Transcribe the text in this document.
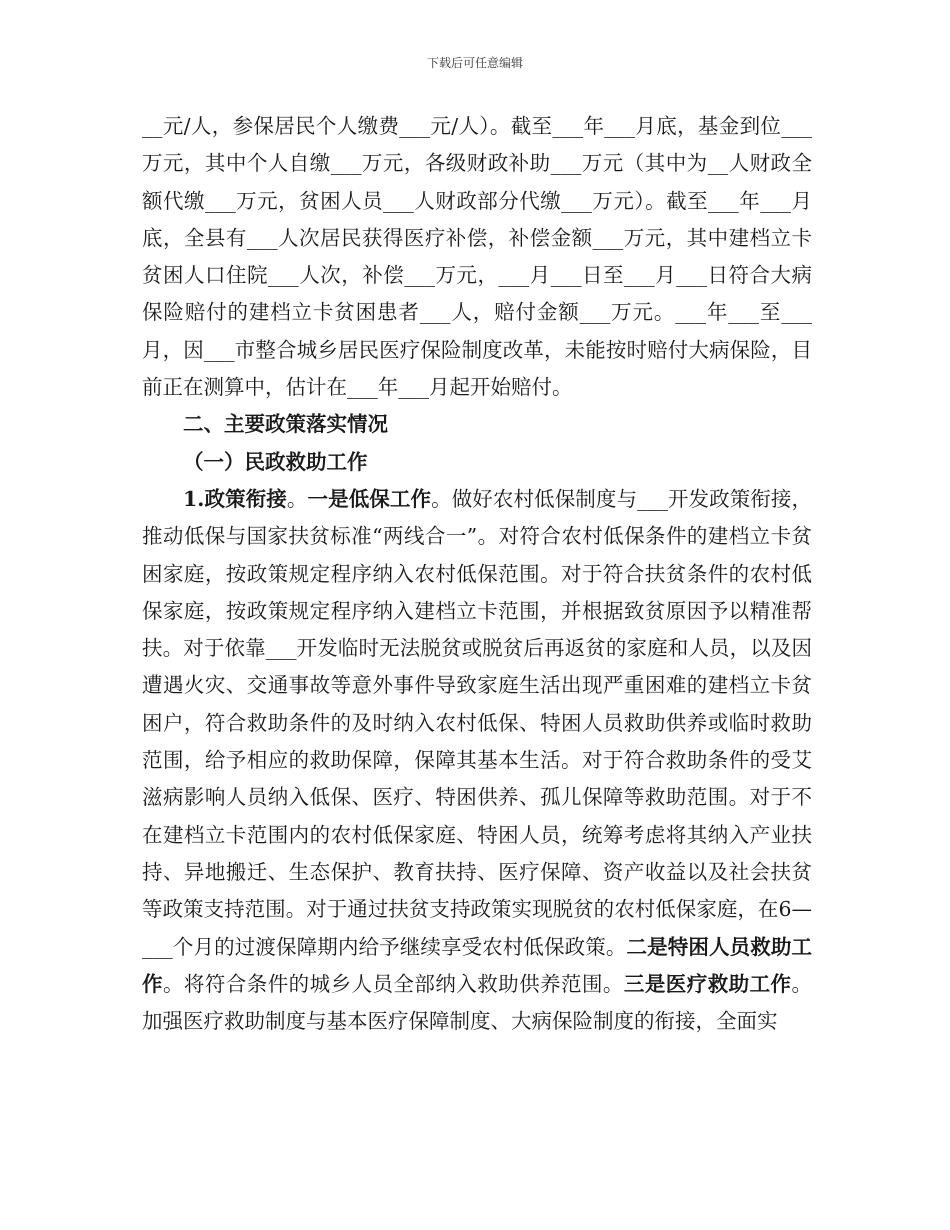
下载后可任意编辑

__元/人，参保居民个人缴费___元/人）。截至___年___月底，基金到位___万元，其中个人自缴___万元，各级财政补助___万元（其中为__人财政全额代缴___万元，贫困人员___人财政部分代缴___万元）。截至___年___月底，全县有___人次居民获得医疗补偿，补偿金额___万元，其中建档立卡贫困人口住院___人次，补偿___万元，___月___日至___月___日符合大病保险赔付的建档立卡贫困患者___人，赔付金额___万元。___年___至___月，因___市整合城乡居民医疗保险制度改革，未能按时赔付大病保险，目前正在测算中，估计在___年___月起开始赔付。

二、主要政策落实情况

（一）民政救助工作

1.政策衔接。一是低保工作。做好农村低保制度与___开发政策衔接，推动低保与国家扶贫标准“两线合一”。对符合农村低保条件的建档立卡贫困家庭，按政策规定程序纳入农村低保范围。对于符合扶贫条件的农村低保家庭，按政策规定程序纳入建档立卡范围，并根据致贫原因予以精准帮扶。对于依靠___开发临时无法脱贫或脱贫后再返贫的家庭和人员，以及因遭遇火灾、交通事故等意外事件导致家庭生活出现严重困难的建档立卡贫困户，符合救助条件的及时纳入农村低保、特困人员救助供养或临时救助范围，给予相应的救助保障，保障其基本生活。对于符合救助条件的受艾滋病影响人员纳入低保、医疗、特困供养、孤儿保障等救助范围。对于不在建档立卡范围内的农村低保家庭、特困人员，统筹考虑将其纳入产业扶持、异地搬迁、生态保护、教育扶持、医疗保障、资产收益以及社会扶贫等政策支持范围。对于通过扶贫支持政策实现脱贫的农村低保家庭，在6—___个月的过渡保障期内给予继续享受农村低保政策。二是特困人员救助工作。将符合条件的城乡人员全部纳入救助供养范围。三是医疗救助工作。加强医疗救助制度与基本医疗保障制度、大病保险制度的衔接，全面实
